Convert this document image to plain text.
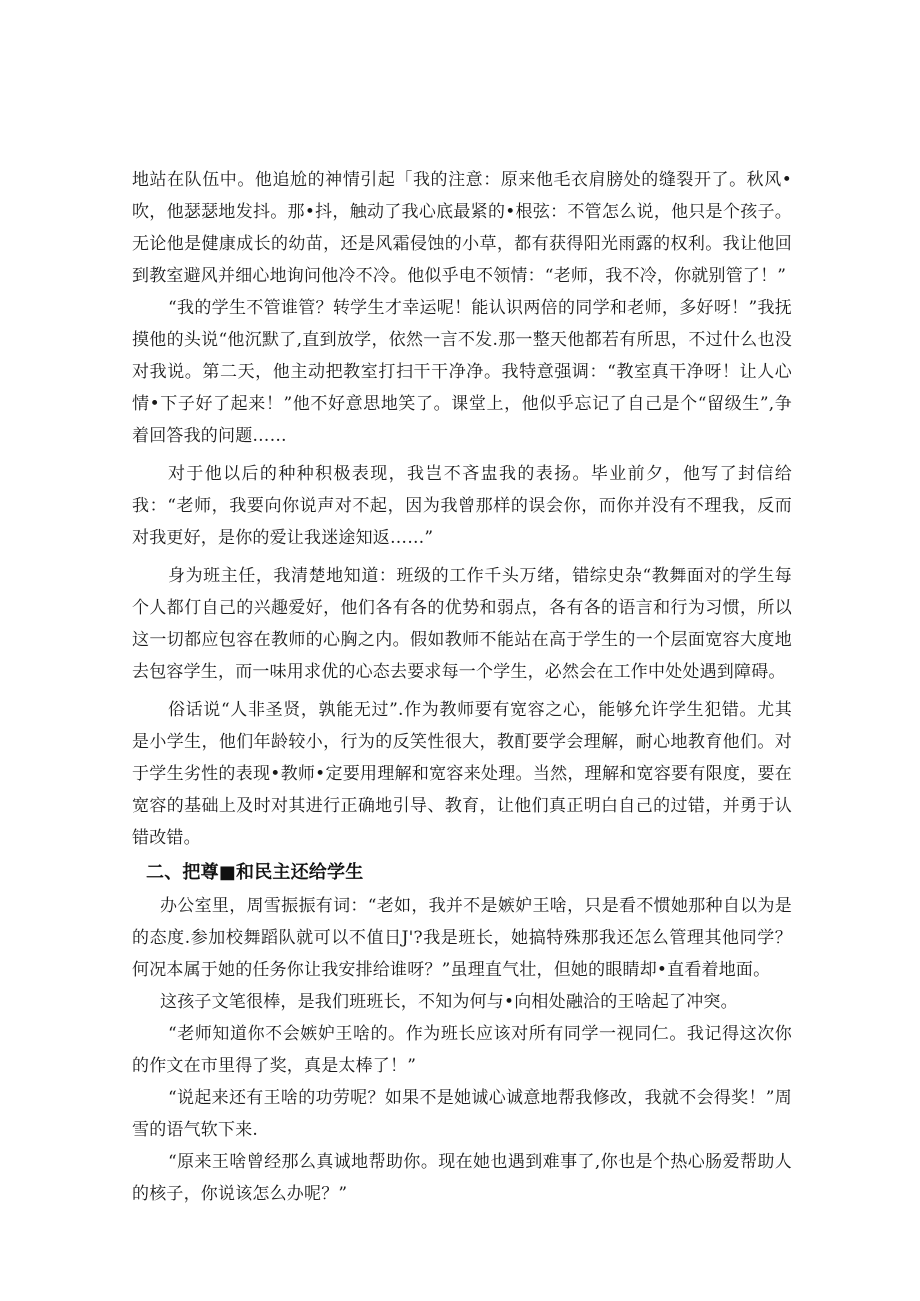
地站在队伍中。他追尬的神情引起「我的注意：原来他毛衣肩膀处的缝裂开了。秋风•吹，他瑟瑟地发抖。那•抖，触动了我心底最紧的•根弦：不管怎么说，他只是个孩子。无论他是健康成长的幼苗，还是风霜侵蚀的小草，都有获得阳光雨露的权利。我让他回到教室避风并细心地询问他冷不冷。他似乎电不领情：“老师，我不冷，你就别管了！”

“我的学生不管谁管？转学生才幸运呢！能认识两倍的同学和老师，多好呀！”我抚摸他的头说“他沉默了,直到放学，依然一言不发.那一整天他都若有所思，不过什么也没对我说。第二天，他主动把教室打扫干干净净。我特意强调：“教室真干净呀！让人心情•下子好了起来！”他不好意思地笑了。课堂上，他似乎忘记了自己是个“留级生”,争着回答我的问题……

对于他以后的种种积极表现，我岂不吝盅我的表扬。毕业前夕，他写了封信给我：“老师，我要向你说声对不起，因为我曾那样的误会你，而你并没有不理我，反而对我更好，是你的爱让我迷途知返……”

身为班主任，我清楚地知道：班级的工作千头万绪，错综史杂“教舞面对的学生每个人都仃自己的兴趣爱好，他们各有各的优势和弱点，各有各的语言和行为习惯，所以这一切都应包容在教师的心胸之内。假如教师不能站在高于学生的一个层面宽容大度地去包容学生，而一味用求优的心态去要求每一个学生，必然会在工作中处处遇到障碍。

俗话说“人非圣贤，孰能无过”.作为教师要有宽容之心，能够允许学生犯错。尤其是小学生，他们年龄较小，行为的反笑性很大，教酊要学会理解，耐心地教育他们。对于学生劣性的表现•教师•定要用理解和宽容来处理。当然，理解和宽容要有限度，要在宽容的基础上及时对其进行正确地引导、教育，让他们真正明白自己的过错，并勇于认错改错。

二、把尊■和民主还给学生

办公室里，周雪振振有词：“老如，我并不是嫉妒王啥，只是看不惯她那种自以为是的态度.参加校舞蹈队就可以不值日J'?我是班长，她搞特殊那我还怎么管理其他同学？何况本属于她的任务你让我安排给谁呀？”虽理直气壮，但她的眼睛却•直看着地面。

这孩子文笔很棒，是我们班班长，不知为何与•向相处融洽的王啥起了冲突。

“老师知道你不会嫉妒王啥的。作为班长应该对所有同学一视同仁。我记得这次你的作文在市里得了奖，真是太棒了！”

“说起来还有王啥的功劳呢？如果不是她诚心诚意地帮我修改，我就不会得奖！”周雪的语气软下来.

“原来王啥曾经那么真诚地帮助你。现在她也遇到难事了,你也是个热心肠爱帮助人的核子，你说该怎么办呢？”
